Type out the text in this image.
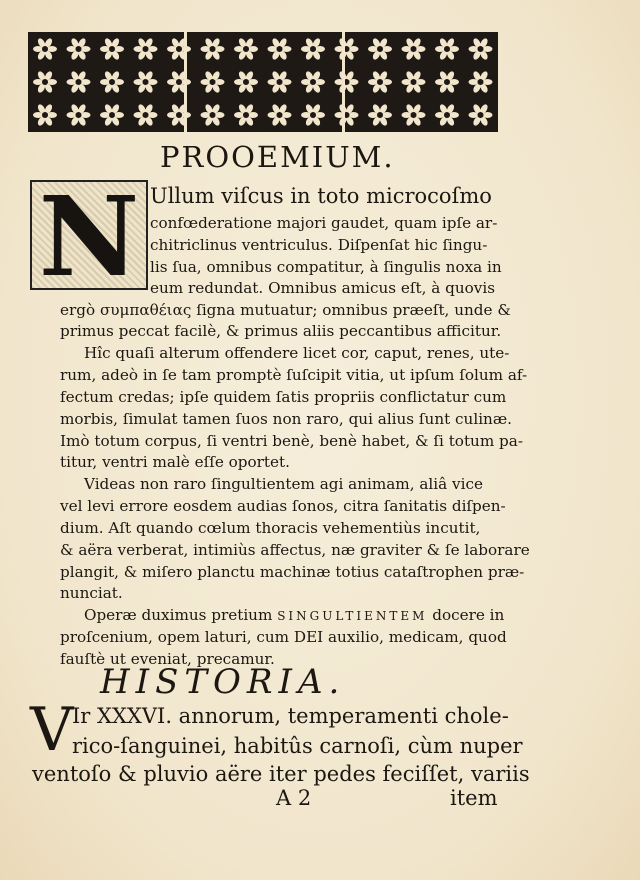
PROOEMIUM.
N Ullum viſcus in toto microcoſmo
confœderatione majori gaudet, quam ipſe ar-
chitriclinus ventriculus. Diſpenſat hic ſingu-
lis ſua, omnibus compatitur, à ſingulis noxa in
eum redundat. Omnibus amicus eſt, à quovis
ergò συμπαθέιας ſigna mutuatur; omnibus præeſt, unde &
primus peccat facilè, & primus aliis peccantibus afficitur.
Hîc quaſi alterum offendere licet cor, caput, renes, ute-
rum, adeò in ſe tam promptè ſuſcipit vitia, ut ipſum ſolum af-
fectum credas; ipſe quidem ſatis propriis conflictatur cum
morbis, ſimulat tamen ſuos non raro, qui alius ſunt culinæ.
Imò totum corpus, ſi ventri benè, benè habet, & ſi totum pa-
titur, ventri malè eſſe oportet.
Videas non raro ſingultientem agi animam, aliâ vice
vel levi errore eosdem audias ſonos, citra ſanitatis diſpen-
dium. Aſt quando cœlum thoracis vehementiùs incutit,
& aëra verberat, intimiùs affectus, næ graviter & ſe laborare
plangit, & miſero planctu machinæ totius cataſtrophen præ-
nunciat.
Operæ duximus pretium SINGULTIENTEM docere in
proſcenium, opem laturi, cum DEI auxilio, medicam, quod
fauſtè ut eveniat, precamur.
HISTORIA.
V
Ir XXXVI. annorum, temperamenti chole-
rico-ſanguinei, habitûs carnoſi, cùm nuper
ventoſo & pluvio aëre iter pedes feciſſet, variis
A 2	item
